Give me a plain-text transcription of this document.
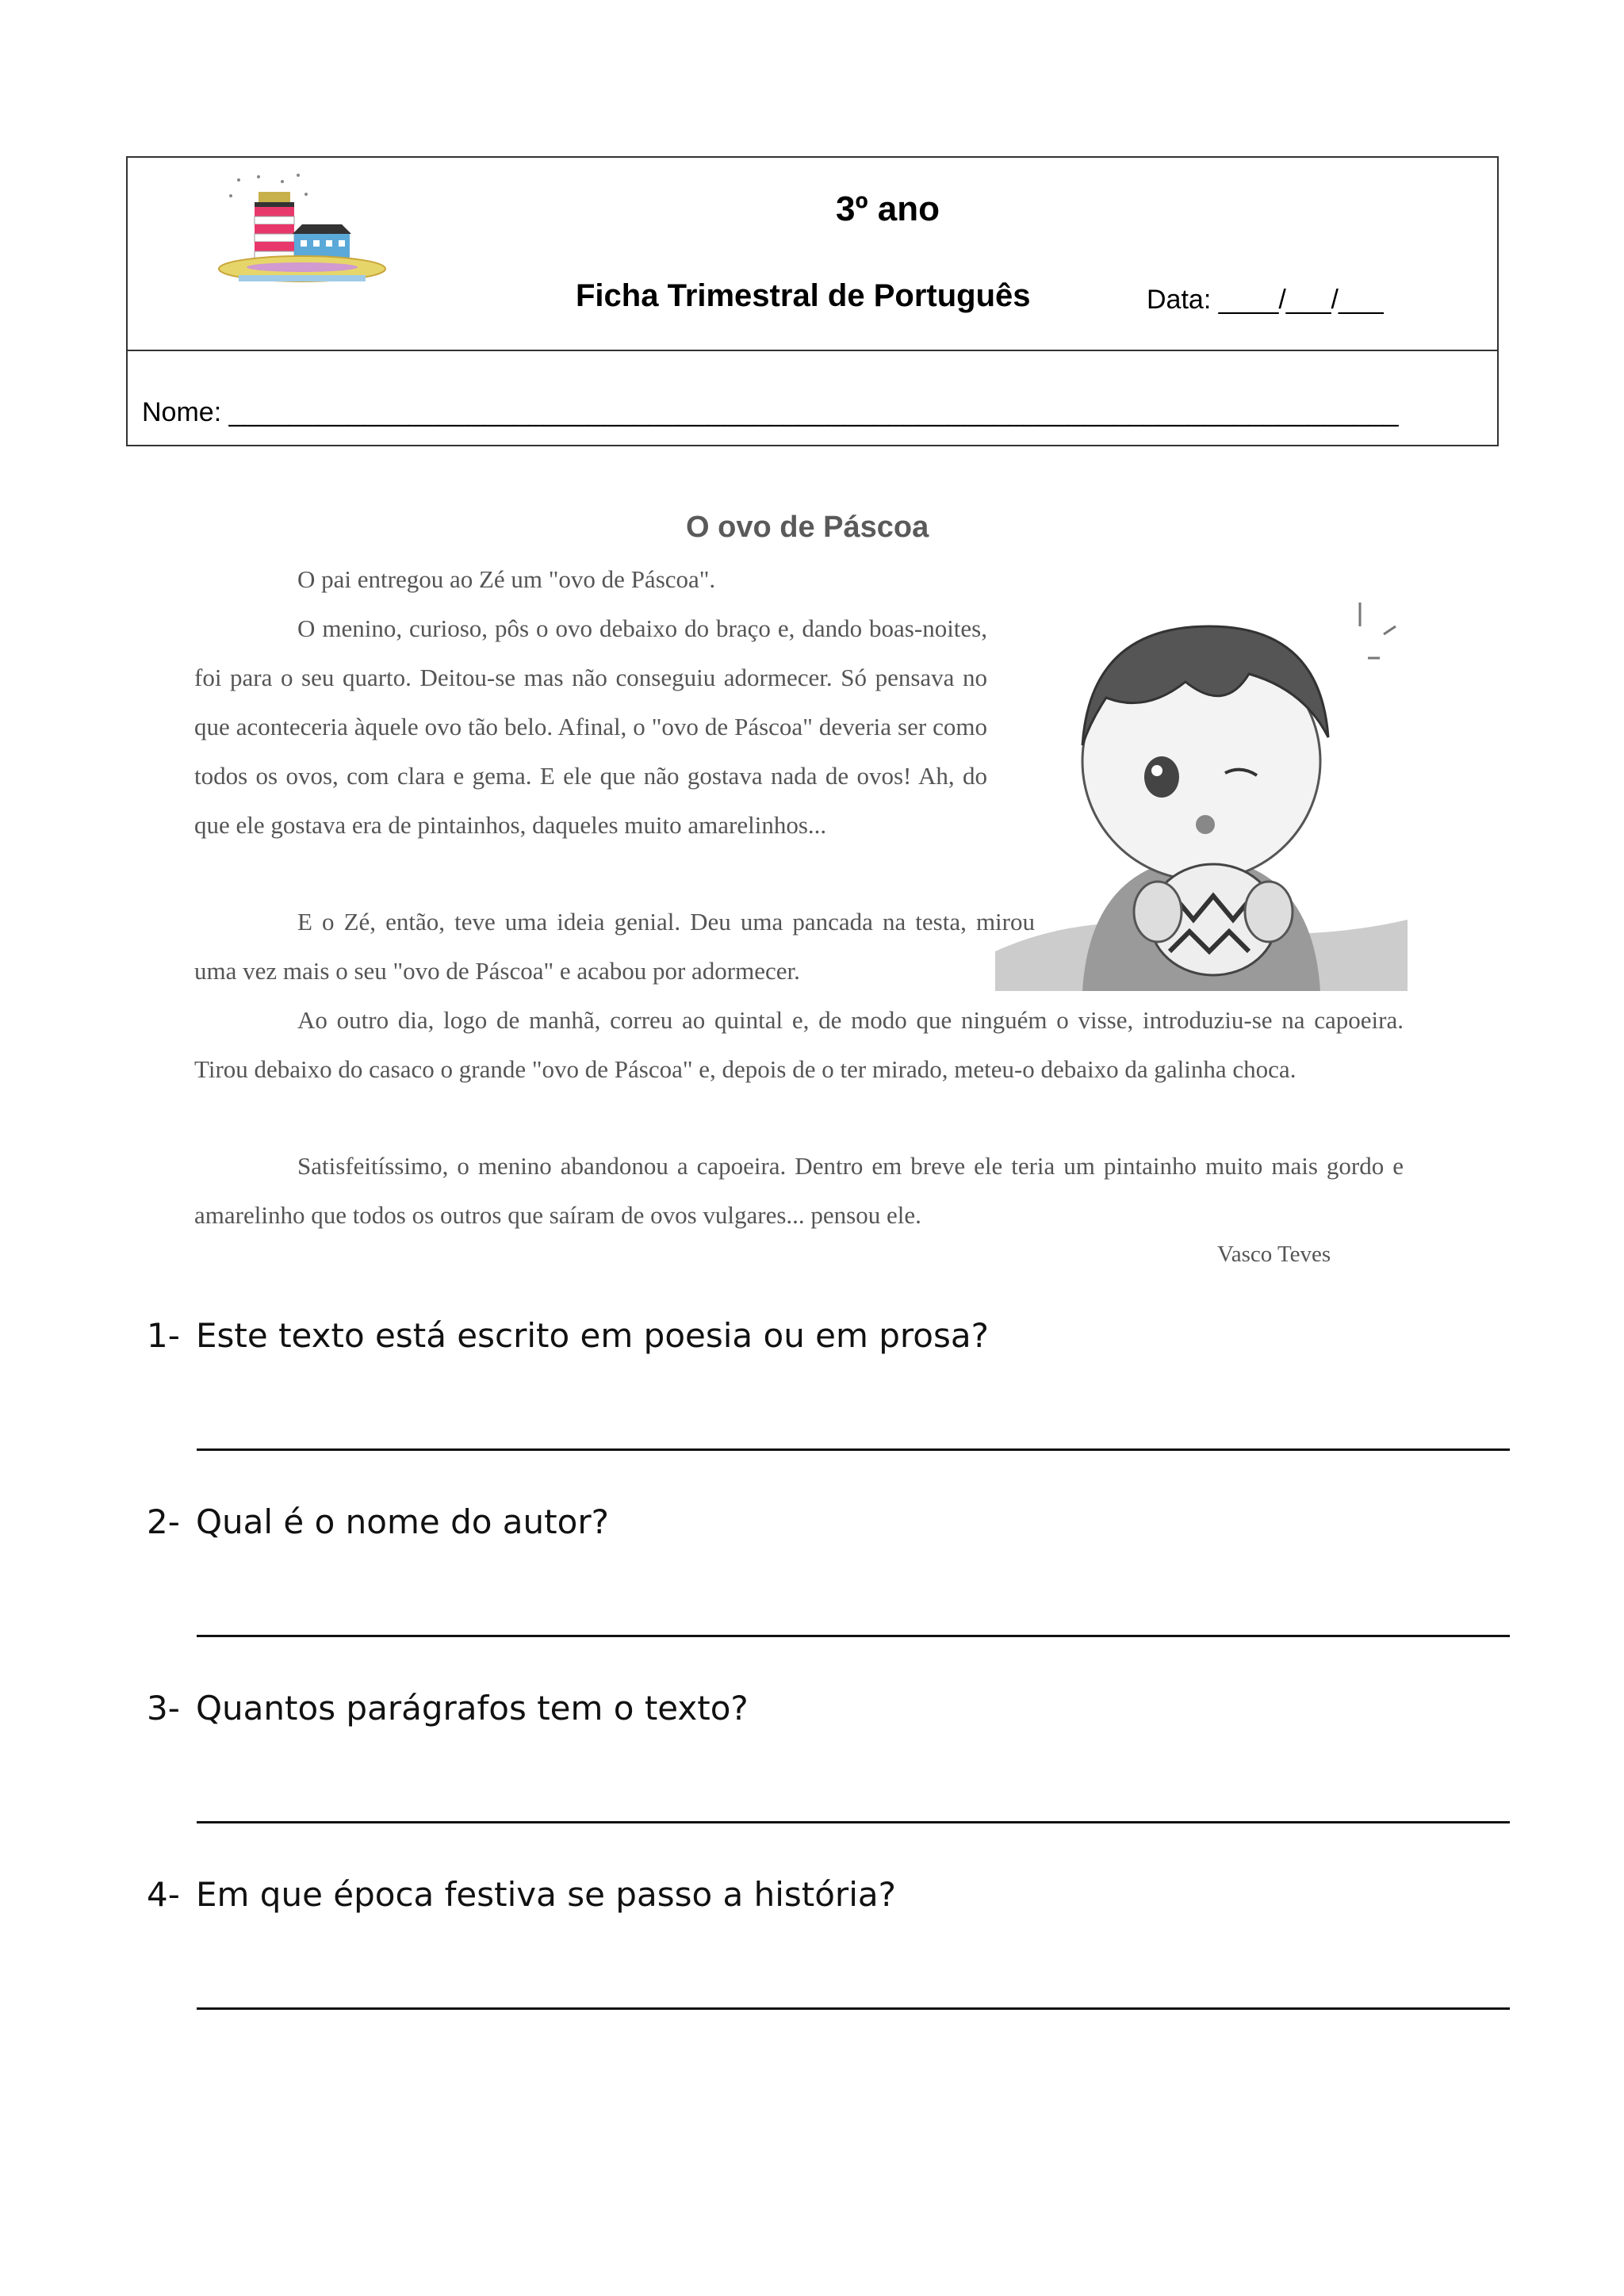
3º ano
Ficha Trimestral de Português	Data: ____/___/___
Nome: ______________________________________________________________________________
O ovo de Páscoa

O pai entregou ao Zé um "ovo de Páscoa".

O menino, curioso, pôs o ovo debaixo do braço e, dando boas-noites, foi para o seu quarto. Deitou-se mas não conseguiu adormecer. Só pensava no que aconteceria àquele ovo tão belo. Afinal, o "ovo de Páscoa" deveria ser como todos os ovos, com clara e gema. E ele que não gostava nada de ovos! Ah, do que ele gostava era de pintainhos, daqueles muito amarelinhos...

E o Zé, então, teve uma ideia genial. Deu uma pancada na testa, mirou uma vez mais o seu "ovo de Páscoa" e acabou por adormecer.

Ao outro dia, logo de manhã, correu ao quintal e, de modo que ninguém o visse, introduziu-se na capoeira. Tirou debaixo do casaco o grande "ovo de Páscoa" e, depois de o ter mirado, meteu-o debaixo da galinha choca.

Satisfeitíssimo, o menino abandonou a capoeira. Dentro em breve ele teria um pintainho muito mais gordo e amarelinho que todos os outros que saíram de ovos vulgares... pensou ele.

Vasco Teves
1- Este texto está escrito em poesia ou em prosa?
2- Qual é o nome do autor?
3- Quantos parágrafos tem o texto?
4- Em que época festiva se passo a história?
